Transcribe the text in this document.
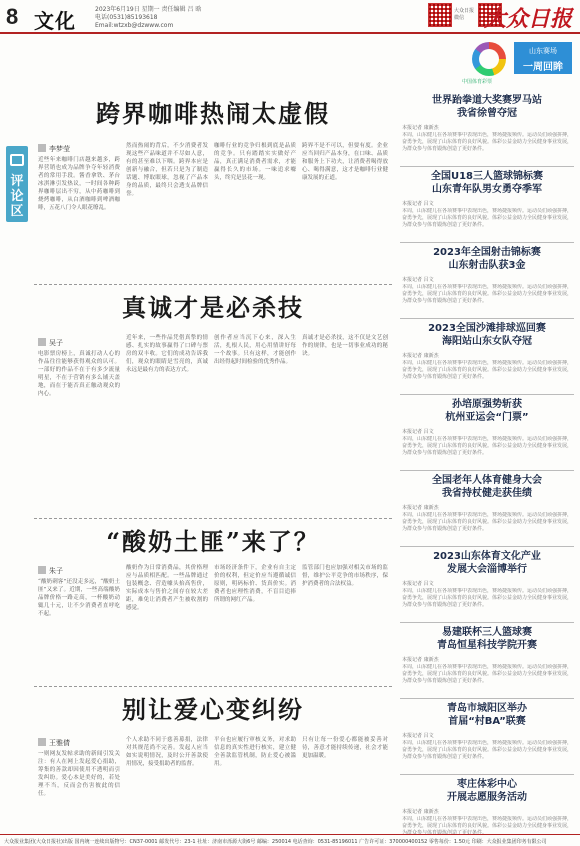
8 文化	2023年6月19日 星期一 责任编辑 吕 晗
电话(0531)85193618
Email:wtzxb@dzwww.com
大众日报微信 大众日报
评论区
跨界咖啡热闹太虚假
李梦莹
近些年来咖啡门店越来越多，跨界营销也成为品牌争夺年轻消费者的常用手段。酱香拿铁、茅台冰淇淋引发热议，一时间各种跨界咖啡层出不穷，从中药咖啡到烧烤咖啡，从白酒咖啡到啤酒咖啡，五花八门令人眼花缭乱。
然而热闹的背后，不少消费者发现这些产品味道并不尽如人意，有的甚至难以下咽。跨界本应是创新与融合，但若只是为了制造话题、博取眼球，忽视了产品本身的品质，最终只会透支品牌信誉。
咖啡行业的竞争归根到底是品质的竞争。只有踏踏实实做好产品，真正满足消费者需求，才能赢得长久的市场。一味追求噱头，终究是昙花一现。
跨界不是不可以，但要有度。企业应当回归产品本身，在口味、品质和服务上下功夫，让消费者喝得放心、喝得满意，这才是咖啡行业健康发展的正道。
真诚才是必杀技
吴子
电影票房榜上，真诚打动人心的作品往往能够获得观众的认可。一部好的作品不在于有多少流量明星，不在于营销有多么铺天盖地，而在于能否真正触动观众的内心。
近年来，一些作品凭借真挚的情感、扎实的故事赢得了口碑与票房的双丰收。它们的成功告诉我们，观众的眼睛是雪亮的，真诚永远是最有力的表达方式。
创作者应当沉下心来，深入生活，扎根人民，用心用情讲好每一个故事。只有这样，才能创作出经得起时间检验的优秀作品。
真诚才是必杀技，这不仅是文艺创作的规律，也是一切事业成功的秘诀。
“酸奶土匪”来了？
朱子
“酸奶刺客”还没走多远，“酸奶土匪”又来了。近期，一些高端酸奶品牌价格一路走高，一杯酸奶动辄几十元，让不少消费者直呼吃不起。
酸奶作为日常消费品，其价格理应与品质相匹配。一些品牌通过包装概念、营造噱头抬高售价，实际成本与售价之间存在较大差距，难免让消费者产生被收割的感觉。
市场经济条件下，企业有自主定价的权利，但定价应当遵循诚信原则，明码标价、货真价实。消费者也应理性消费，不盲目追捧所谓的网红产品。
监管部门也应加强对相关市场的监督，维护公平竞争的市场秩序，保护消费者的合法权益。
别让爱心变纠纷
王雅倩
一则网友发帖求助的新闻引发关注：有人在网上发起爱心捐助，筹集的善款却因使用不透明而引发纠纷。爱心本是美好的，若处理不当，反而会伤害彼此的信任。
个人求助不同于慈善募捐，法律对其规范尚不完善。发起人应当如实说明情况，及时公开善款使用情况，接受捐助者的监督。
平台也应履行审核义务，对求助信息的真实性进行核实，建立健全善款监管机制，防止爱心被滥用。
只有让每一份爱心都能被妥善对待，善意才能持续传递，社会才能更加温暖。
中国体育彩票
山东赛场
一周回眸
世界跆拳道大奖赛罗马站
我省徐曾夺冠
本报记者 康新杰
本周，山东健儿在各项赛事中表现出色，赛场捷报频传。运动员们顽强拼搏，奋勇争先，展现了山东体育的良好风貌。体彩公益金助力全民健身事业发展，为群众参与体育锻炼创造了更好条件。
全国U18三人篮球锦标赛
山东青年队男女勇夺季军
本报记者 吕文
本周，山东健儿在各项赛事中表现出色，赛场捷报频传。运动员们顽强拼搏，奋勇争先，展现了山东体育的良好风貌。体彩公益金助力全民健身事业发展，为群众参与体育锻炼创造了更好条件。
2023年全国射击锦标赛
山东射击队获3金
本报记者 吕文
本周，山东健儿在各项赛事中表现出色，赛场捷报频传。运动员们顽强拼搏，奋勇争先，展现了山东体育的良好风貌。体彩公益金助力全民健身事业发展，为群众参与体育锻炼创造了更好条件。
2023全国沙滩排球巡回赛
海阳站山东女队夺冠
本报记者 康新杰
本周，山东健儿在各项赛事中表现出色，赛场捷报频传。运动员们顽强拼搏，奋勇争先，展现了山东体育的良好风貌。体彩公益金助力全民健身事业发展，为群众参与体育锻炼创造了更好条件。
孙培原强势斩获
杭州亚运会“门票”
本报记者 吕文
本周，山东健儿在各项赛事中表现出色，赛场捷报频传。运动员们顽强拼搏，奋勇争先，展现了山东体育的良好风貌。体彩公益金助力全民健身事业发展，为群众参与体育锻炼创造了更好条件。
全国老年人体育健身大会
我省持杖健走获佳绩
本报记者 康新杰
本周，山东健儿在各项赛事中表现出色，赛场捷报频传。运动员们顽强拼搏，奋勇争先，展现了山东体育的良好风貌。体彩公益金助力全民健身事业发展，为群众参与体育锻炼创造了更好条件。
2023山东体育文化产业
发展大会淄博举行
本报记者 吕文
本周，山东健儿在各项赛事中表现出色，赛场捷报频传。运动员们顽强拼搏，奋勇争先，展现了山东体育的良好风貌。体彩公益金助力全民健身事业发展，为群众参与体育锻炼创造了更好条件。
易建联杯三人篮球赛
青岛恒星科技学院开赛
本报记者 康新杰
本周，山东健儿在各项赛事中表现出色，赛场捷报频传。运动员们顽强拼搏，奋勇争先，展现了山东体育的良好风貌。体彩公益金助力全民健身事业发展，为群众参与体育锻炼创造了更好条件。
青岛市城阳区举办
首届“村BA”联赛
本报记者 吕文
本周，山东健儿在各项赛事中表现出色，赛场捷报频传。运动员们顽强拼搏，奋勇争先，展现了山东体育的良好风貌。体彩公益金助力全民健身事业发展，为群众参与体育锻炼创造了更好条件。
枣庄体彩中心
开展志愿服务活动
本报记者 康新杰
本周，山东健儿在各项赛事中表现出色，赛场捷报频传。运动员们顽强拼搏，奋勇争先，展现了山东体育的良好风貌。体彩公益金助力全民健身事业发展，为群众参与体育锻炼创造了更好条件。
大众报业集团(大众日报社)出版 国内统一连续出版物号：CN37-0001 邮发代号：23-1 社址：济南市泺源大街6号 邮编：250014 电话查询：0531-85196011 广告许可证：370000400152 零售每份：1.50元 印刷：大众报业集团印务有限公司
